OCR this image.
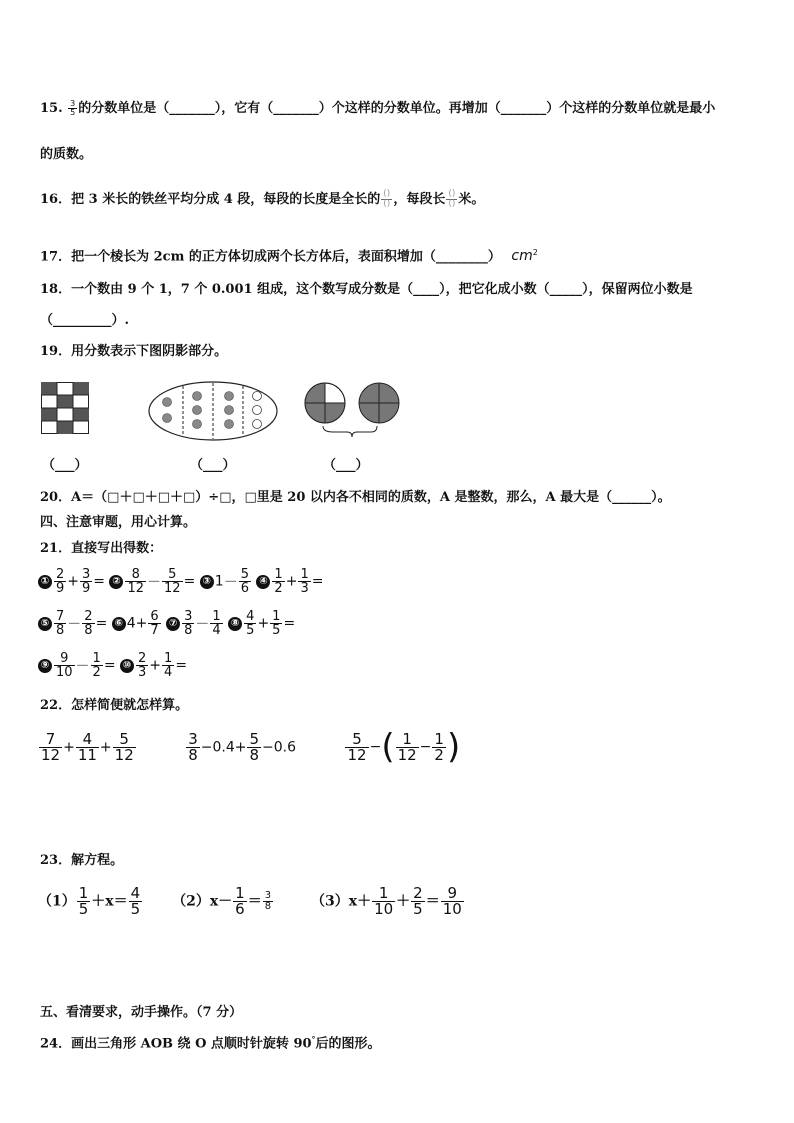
15. $\frac{3}{5}$ 的分数单位是（_______），它有（_______）个这样的分数单位。再增加（_______）个这样的分数单位就是最小
的质数。
16．把 3 米长的铁丝平均分成 4 段，每段的长度是全长的 $\frac{()}{()}$ ，每段长 $\frac{()}{()}$ 米。
17．把一个棱长为 2cm 的正方体切成两个长方体后，表面积增加（________） $cm^2$
18．一个数由 9 个 1，7 个 0.001 组成，这个数写成分数是（____），把它化成小数（_____），保留两位小数是
（_________）.
19．用分数表示下图阴影部分。
（___）	（___）	（___）
20．A＝（□＋□＋□＋□）÷□，□里是 20 以内各不相同的质数，A 是整数，那么，A 最大是（______）。
四、注意审题，用心计算。
21．直接写出得数：
① $\frac{2}{9} + \frac{3}{9}$ = ② $\frac{8}{12} - \frac{5}{12}$ = ③ $1- \frac{5}{6}$ ④ $\frac{1}{2} + \frac{1}{3}$ =
⑤ $\frac{7}{8} - \frac{2}{8}$ = ⑥ $4+ \frac{6}{7}$ ⑦ $\frac{3}{8} - \frac{1}{4}$ ⑧ $\frac{4}{5} + \frac{1}{5}$ =
⑨ $\frac{9}{10} - \frac{1}{2}$ = ⑩ $\frac{2}{3} + \frac{1}{4}$ =
22．怎样简便就怎样算。
$\frac{7}{12} + \frac{4}{11} + \frac{5}{12}$
	$\frac{3}{8} -0.4+ \frac{5}{8} -0.6$	$\frac{5}{12}$ −( $\frac{1}{12} - \frac{1}{2}$ )
23．解方程。
$(1) \frac{1}{5} +x= \frac{4}{5} (2)x- \frac{1}{6} = \frac{3}{8}$	$(3)x+ \frac{1}{10} + \frac{2}{5} = \frac{9}{10}$
五、看清要求，动手操作。（7 分）
24．画出三角形 AOB 绕 O 点顺时针旋转 90°后的图形。
